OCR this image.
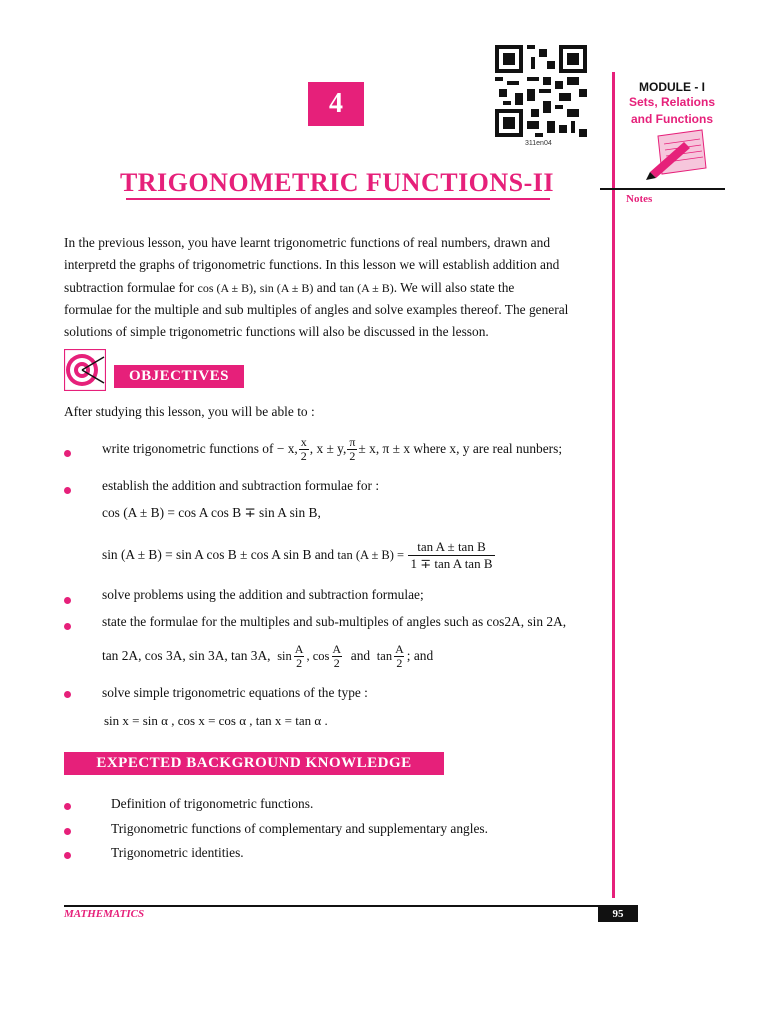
4
311en04
MODULE - I
Sets, Relations
and Functions
Notes
TRIGONOMETRIC FUNCTIONS-II
In the previous lesson, you have learnt trigonometric functions of real numbers, drawn and
interpretd the graphs of trigonometric functions. In this lesson we will establish addition and
subtraction formulae for cos (A ± B), sin (A ± B) and tan (A ± B). We will also state the
formulae for the multiple and sub multiples of angles and solve examples thereof. The general
solutions of simple trigonometric functions will also be discussed in the lesson.
OBJECTIVES
After studying this lesson, you will be able to :
write trigonometric functions of
− x, $\frac{x}{2}$ , x ± y, $\frac{\pi}{2} \pm x$, π ± x where x, y are real nunbers;
establish the addition and subtraction formulae for :
cos (A ± B) = cos A cos B ∓ sin A sin B,
sin (A ± B) = sin A cos B ± cos A sin B and
tan (A ± B) =
$\frac{\text{tan A ± tan B}}{\text{1 ∓ tan A tan B}}$
solve problems using the addition and subtraction formulae;
state the formulae for the multiples and sub-multiples of angles such as cos2A, sin 2A,
tan 2A, cos 3A, sin 3A, tan 3A,
$\sin \frac{A}{2}$ , $\cos \frac{A}{2}$
and
$\tan \frac{A}{2}$ ; and
solve simple trigonometric equations of the type :
sin x = sin α , cos x = cos α , tan x = tan α .
EXPECTED BACKGROUND KNOWLEDGE
Definition of trigonometric functions.
Trigonometric functions of complementary and supplementary angles.
Trigonometric identities.
MATHEMATICS	95
